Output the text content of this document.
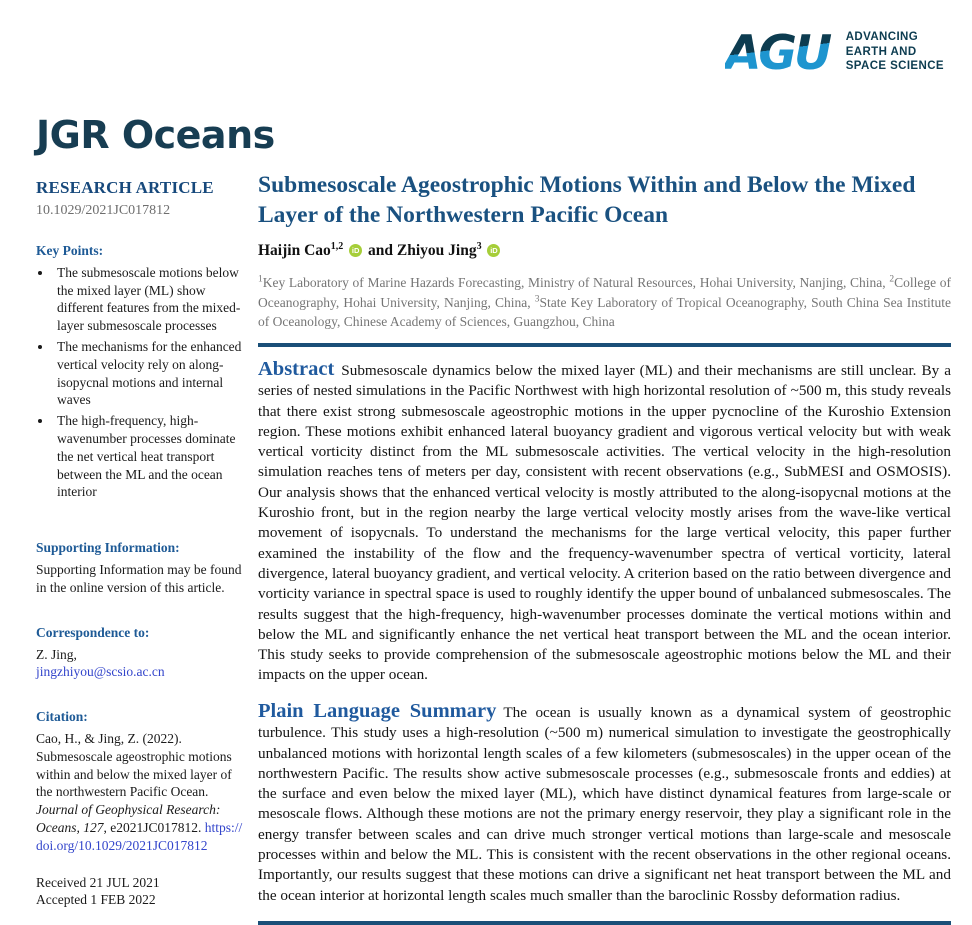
AGU ADVANCING
EARTH AND
SPACE SCIENCE
JGR Oceans
RESEARCH ARTICLE
10.1029/2021JC017812
Key Points:
• The submesoscale motions below the mixed layer (ML) show different features from the mixed-layer submesoscale processes
• The mechanisms for the enhanced vertical velocity rely on along-isopycnal motions and internal waves
• The high-frequency, high-wavenumber processes dominate the net vertical heat transport between the ML and the ocean interior
Supporting Information:
Supporting Information may be found in the online version of this article.
Correspondence to:
Z. Jing,
jingzhiyou@scsio.ac.cn
Citation:
Cao, H., & Jing, Z. (2022). Submesoscale ageostrophic motions within and below the mixed layer of the northwestern Pacific Ocean. Journal of Geophysical Research: Oceans, 127, e2021JC017812. https://doi.org/10.1029/2021JC017812
Received 21 JUL 2021
Accepted 1 FEB 2022
Submesoscale Ageostrophic Motions Within and Below the Mixed Layer of the Northwestern Pacific Ocean
Haijin Cao$^{1,2}$ iD and Zhiyou Jing$^3$ iD
$^1$Key Laboratory of Marine Hazards Forecasting, Ministry of Natural Resources, Hohai University, Nanjing, China, $^2$College of Oceanography, Hohai University, Nanjing, China, $^3$State Key Laboratory of Tropical Oceanography, South China Sea Institute of Oceanology, Chinese Academy of Sciences, Guangzhou, China

Abstract Submesoscale dynamics below the mixed layer (ML) and their mechanisms are still unclear. By a series of nested simulations in the Pacific Northwest with high horizontal resolution of ~500 m, this study reveals that there exist strong submesoscale ageostrophic motions in the upper pycnocline of the Kuroshio Extension region. These motions exhibit enhanced lateral buoyancy gradient and vigorous vertical velocity but with weak vertical vorticity distinct from the ML submesoscale activities. The vertical velocity in the high-resolution simulation reaches tens of meters per day, consistent with recent observations (e.g., SubMESI and OSMOSIS). Our analysis shows that the enhanced vertical velocity is mostly attributed to the along-isopycnal motions at the Kuroshio front, but in the region nearby the large vertical velocity mostly arises from the wave-like vertical movement of isopycnals. To understand the mechanisms for the large vertical velocity, this paper further examined the instability of the flow and the frequency-wavenumber spectra of vertical vorticity, lateral divergence, lateral buoyancy gradient, and vertical velocity. A criterion based on the ratio between divergence and vorticity variance in spectral space is used to roughly identify the upper bound of unbalanced submesoscales. The results suggest that the high-frequency, high-wavenumber processes dominate the vertical motions within and below the ML and significantly enhance the net vertical heat transport between the ML and the ocean interior. This study seeks to provide comprehension of the submesoscale ageostrophic motions below the ML and their impacts on the upper ocean.

Plain Language Summary The ocean is usually known as a dynamical system of geostrophic turbulence. This study uses a high-resolution (~500 m) numerical simulation to investigate the geostrophically unbalanced motions with horizontal length scales of a few kilometers (submesoscales) in the upper ocean of the northwestern Pacific. The results show active submesoscale processes (e.g., submesoscale fronts and eddies) at the surface and even below the mixed layer (ML), which have distinct dynamical features from large-scale or mesoscale flows. Although these motions are not the primary energy reservoir, they play a significant role in the energy transfer between scales and can drive much stronger vertical motions than large-scale and mesoscale processes within and below the ML. This is consistent with the recent observations in the other regional oceans. Importantly, our results suggest that these motions can drive a significant net heat transport between the ML and the ocean interior at horizontal length scales much smaller than the baroclinic Rossby deformation radius.
